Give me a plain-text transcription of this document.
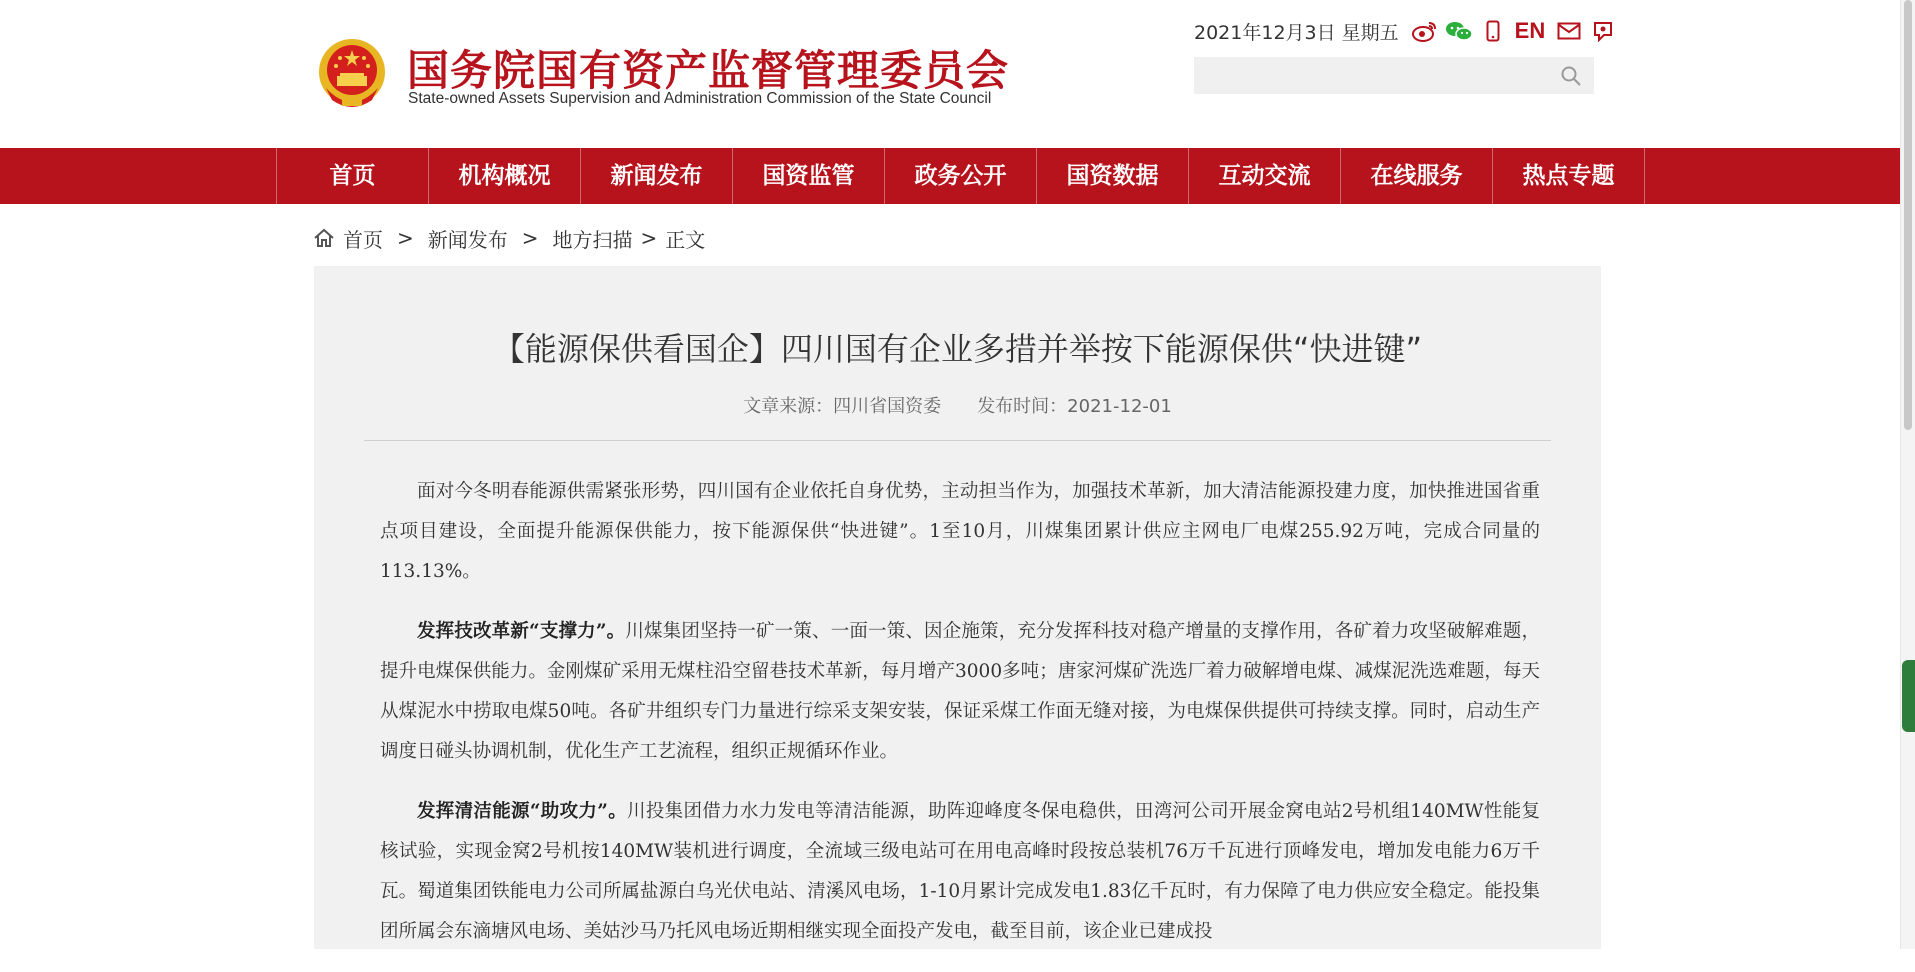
国务院国有资产监督管理委员会
State-owned Assets Supervision and Administration Commission of the State Council
2021年12月3日 星期五	EN
首页	机构概况	新闻发布	国资监管	政务公开	国资数据	互动交流	在线服务	热点专题
首页 > 新闻发布 > 地方扫描 > 正文
【能源保供看国企】四川国有企业多措并举按下能源保供“快进键”
文章来源：四川省国资委 发布时间：2021-12-01

面对今冬明春能源供需紧张形势，四川国有企业依托自身优势，主动担当作为，加强技术革新，加大清洁能源投建力度，加快推进国省重点项目建设，全面提升能源保供能力，按下能源保供“快进键”。1至10月，川煤集团累计供应主网电厂电煤255.92万吨，完成合同量的113.13%。

发挥技改革新“支撑力”。川煤集团坚持一矿一策、一面一策、因企施策，充分发挥科技对稳产增量的支撑作用，各矿着力攻坚破解难题，提升电煤保供能力。金刚煤矿采用无煤柱沿空留巷技术革新，每月增产3000多吨；唐家河煤矿洗选厂着力破解增电煤、减煤泥洗选难题，每天从煤泥水中捞取电煤50吨。各矿井组织专门力量进行综采支架安装，保证采煤工作面无缝对接，为电煤保供提供可持续支撑。同时，启动生产调度日碰头协调机制，优化生产工艺流程，组织正规循环作业。

发挥清洁能源“助攻力”。川投集团借力水力发电等清洁能源，助阵迎峰度冬保电稳供，田湾河公司开展金窝电站2号机组140MW性能复核试验，实现金窝2号机按140MW装机进行调度，全流域三级电站可在用电高峰时段按总装机76万千瓦进行顶峰发电，增加发电能力6万千瓦。蜀道集团铁能电力公司所属盐源白乌光伏电站、清溪风电场，1-10月累计完成发电1.83亿千瓦时，有力保障了电力供应安全稳定。能投集团所属会东滴塘风电场、美姑沙马乃托风电场近期相继实现全面投产发电，截至目前，该企业已建成投
